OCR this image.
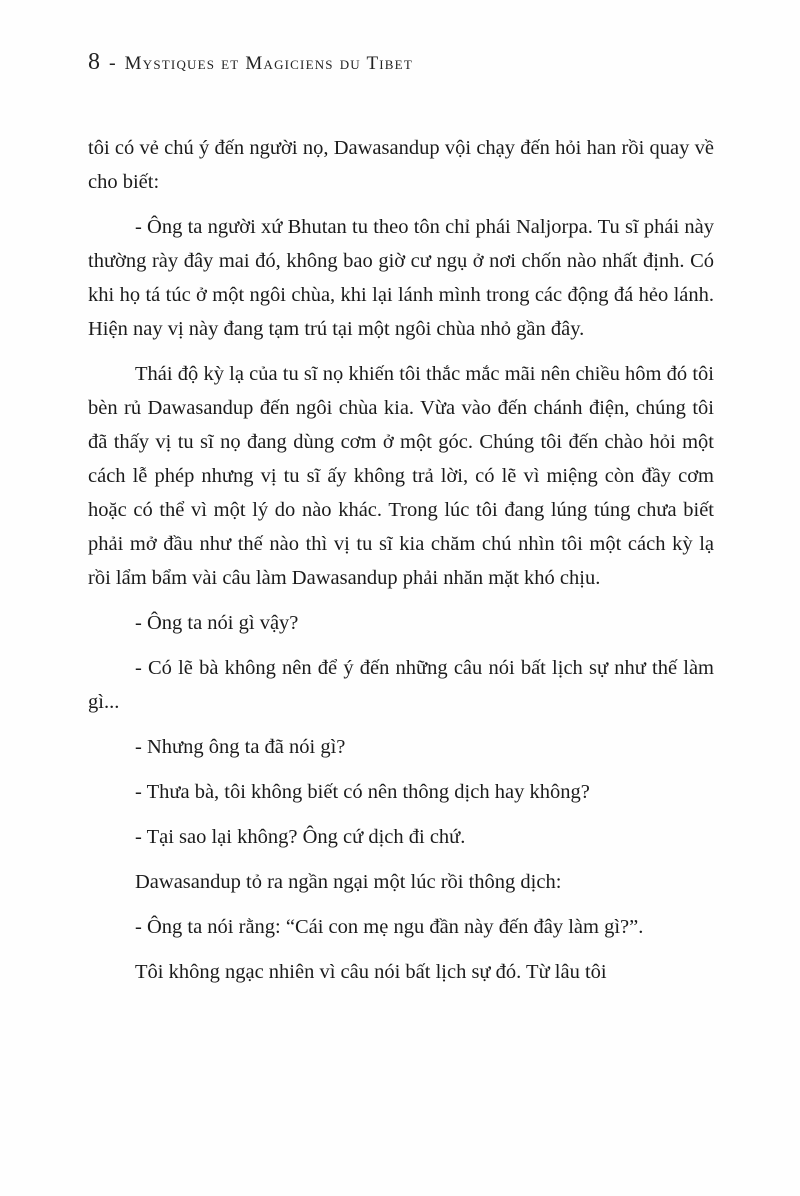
8 - Mystiques et Magiciens du Tibet

tôi có vẻ chú ý đến người nọ, Dawasandup vội chạy đến hỏi han rồi quay về cho biết:

- Ông ta người xứ Bhutan tu theo tôn chỉ phái Naljorpa. Tu sĩ phái này thường rày đây mai đó, không bao giờ cư ngụ ở nơi chốn nào nhất định. Có khi họ tá túc ở một ngôi chùa, khi lại lánh mình trong các động đá hẻo lánh. Hiện nay vị này đang tạm trú tại một ngôi chùa nhỏ gần đây.

Thái độ kỳ lạ của tu sĩ nọ khiến tôi thắc mắc mãi nên chiều hôm đó tôi bèn rủ Dawasandup đến ngôi chùa kia. Vừa vào đến chánh điện, chúng tôi đã thấy vị tu sĩ nọ đang dùng cơm ở một góc. Chúng tôi đến chào hỏi một cách lễ phép nhưng vị tu sĩ ấy không trả lời, có lẽ vì miệng còn đầy cơm hoặc có thể vì một lý do nào khác. Trong lúc tôi đang lúng túng chưa biết phải mở đầu như thế nào thì vị tu sĩ kia chăm chú nhìn tôi một cách kỳ lạ rồi lẩm bẩm vài câu làm Dawasandup phải nhăn mặt khó chịu.

- Ông ta nói gì vậy?

- Có lẽ bà không nên để ý đến những câu nói bất lịch sự như thế làm gì...

- Nhưng ông ta đã nói gì?

- Thưa bà, tôi không biết có nên thông dịch hay không?

- Tại sao lại không? Ông cứ dịch đi chứ.

Dawasandup tỏ ra ngần ngại một lúc rồi thông dịch:

- Ông ta nói rằng: “Cái con mẹ ngu đần này đến đây làm gì?”.

Tôi không ngạc nhiên vì câu nói bất lịch sự đó. Từ lâu tôi
